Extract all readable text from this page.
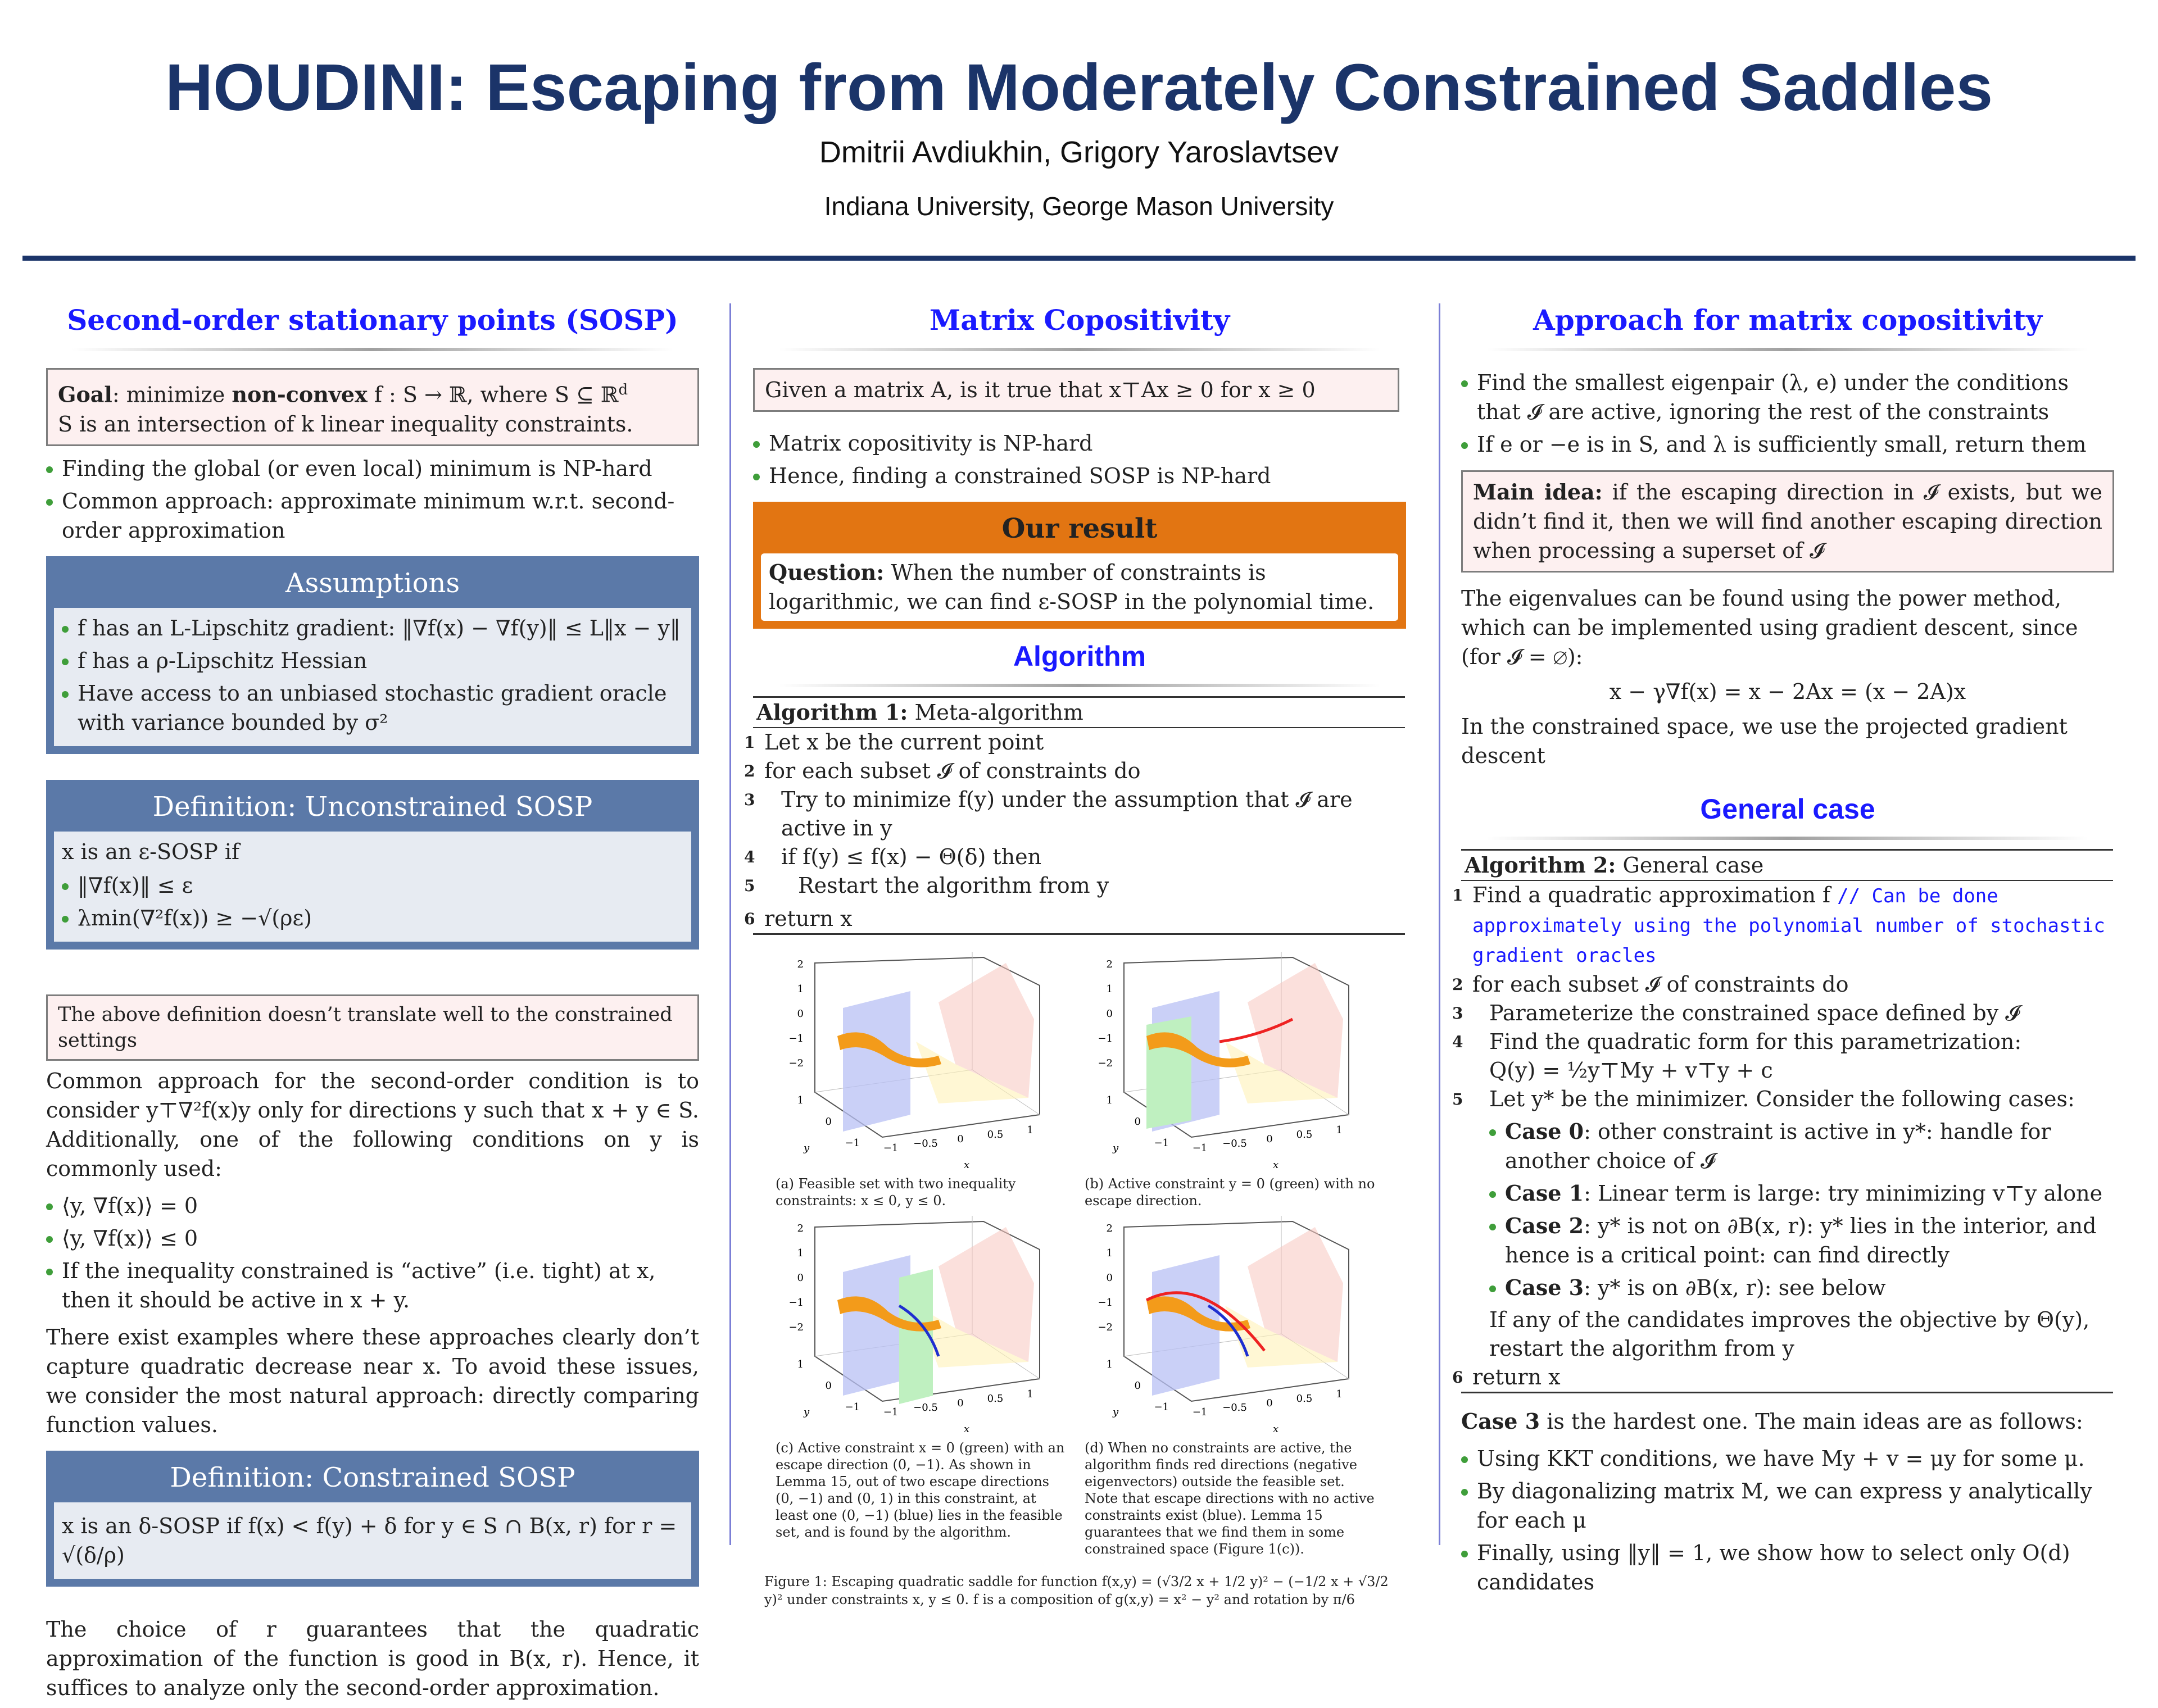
HOUDINI: Escaping from Moderately Constrained Saddles
Dmitrii Avdiukhin, Grigory Yaroslavtsev
Indiana University, George Mason University
Second-order stationary points (SOSP)
Goal: minimize non-convex f : S → ℝ, where S ⊆ ℝ$^d$
S is an intersection of k linear inequality constraints.
Finding the global (or even local) minimum is NP-hard
Common approach: approximate minimum w.r.t. second-order approximation
Assumptions
f has an L-Lipschitz gradient: ‖∇f(x) − ∇f(y)‖ ≤ L‖x − y‖
f has a ρ-Lipschitz Hessian
Have access to an unbiased stochastic gradient oracle with variance bounded by σ²
Definition: Unconstrained SOSP
x is an ε-SOSP if
‖∇f(x)‖ ≤ ε
λmin(∇²f(x)) ≥ −√(ρε)
The above definition doesn’t translate well to the constrained settings
Common approach for the second-order condition is to consider y⊤∇²f(x)y only for directions y such that x + y ∈ S. Additionally, one of the following conditions on y is commonly used:
⟨y, ∇f(x)⟩ = 0
⟨y, ∇f(x)⟩ ≤ 0
If the inequality constrained is “active” (i.e. tight) at x, then it should be active in x + y.
There exist examples where these approaches clearly don’t capture quadratic decrease near x. To avoid these issues, we consider the most natural approach: directly comparing function values.
Definition: Constrained SOSP
x is an δ-SOSP if f(x) < f(y) + δ for y ∈ S ∩ B(x, r) for r = √(δ/ρ)
The choice of r guarantees that the quadratic approximation of the function is good in B(x, r). Hence, it suffices to analyze only the second-order approximation.
Matrix Copositivity
Given a matrix A, is it true that x⊤Ax ≥ 0 for x ≥ 0
Matrix copositivity is NP-hard
Hence, finding a constrained SOSP is NP-hard
Our result
Question: When the number of constraints is logarithmic, we can find ε-SOSP in the polynomial time.
Algorithm
Algorithm 1: Meta-algorithm
1 Let x be the current point
2 for each subset 𝓘 of constraints do
3 Try to minimize f(y) under the assumption that 𝓘 are active in y
4 if f(y) ≤ f(x) − Θ(δ) then
5 Restart the algorithm from y
6 return x
(a) Feasible set with two inequality constraints: x ≤ 0, y ≤ 0.
(b) Active constraint y = 0 (green) with no escape direction.
(c) Active constraint x = 0 (green) with an escape direction (0, −1). As shown in Lemma 15, out of two escape directions (0, −1) and (0, 1) in this constraint, at least one (0, −1) (blue) lies in the feasible set, and is found by the algorithm.
(d) When no constraints are active, the algorithm finds red directions (negative eigenvectors) outside the feasible set. Note that escape directions with no active constraints exist (blue). Lemma 15 guarantees that we find them in some constrained space (Figure 1(c)).
Figure 1: Escaping quadratic saddle for function f(x,y) = (√3/2 x + 1/2 y)² − (−1/2 x + √3/2 y)² under constraints x, y ≤ 0. f is a composition of g(x,y) = x² − y² and rotation by π/6
2
1
0
−1
−2
−1 −0.5 0 0.5 1
1
0
−1
x
y
2
1
0
−1
−2
−1 −0.5 0 0.5 1
1
0
−1
x
y
2
1
0
−1
−2
−1 −0.5 0 0.5 1
1
0
−1
x
y
2
1
0
−1
−2
−1 −0.5 0 0.5 1
1
0
−1
x
y
Approach for matrix copositivity
Find the smallest eigenpair (λ, e) under the conditions that 𝓘 are active, ignoring the rest of the constraints
If e or −e is in S, and λ is sufficiently small, return them
Main idea: if the escaping direction in 𝓘 exists, but we didn’t find it, then we will find another escaping direction when processing a superset of 𝓘
The eigenvalues can be found using the power method, which can be implemented using gradient descent, since (for 𝓘 = ∅):
x − γ∇f(x) = x − 2Ax = (x − 2A)x
In the constrained space, we use the projected gradient descent
General case
Algorithm 2: General case
1 Find a quadratic approximation f // Can be done approximately using the polynomial number of stochastic gradient oracles
2 for each subset 𝓘 of constraints do
3 Parameterize the constrained space defined by 𝓘
4 Find the quadratic form for this parametrization:
Q(y) = ½y⊤My + v⊤y + c
5 Let y* be the minimizer. Consider the following cases:
Case 0: other constraint is active in y*: handle for another choice of 𝓘
Case 1: Linear term is large: try minimizing v⊤y alone
Case 2: y* is not on ∂B(x, r): y* lies in the interior, and hence is a critical point: can find directly
Case 3: y* is on ∂B(x, r): see below
If any of the candidates improves the objective by Θ(y), restart the algorithm from y
6 return x
Case 3 is the hardest one. The main ideas are as follows:
Using KKT conditions, we have My + v = μy for some μ.
By diagonalizing matrix M, we can express y analytically for each μ
Finally, using ‖y‖ = 1, we show how to select only O(d) candidates
